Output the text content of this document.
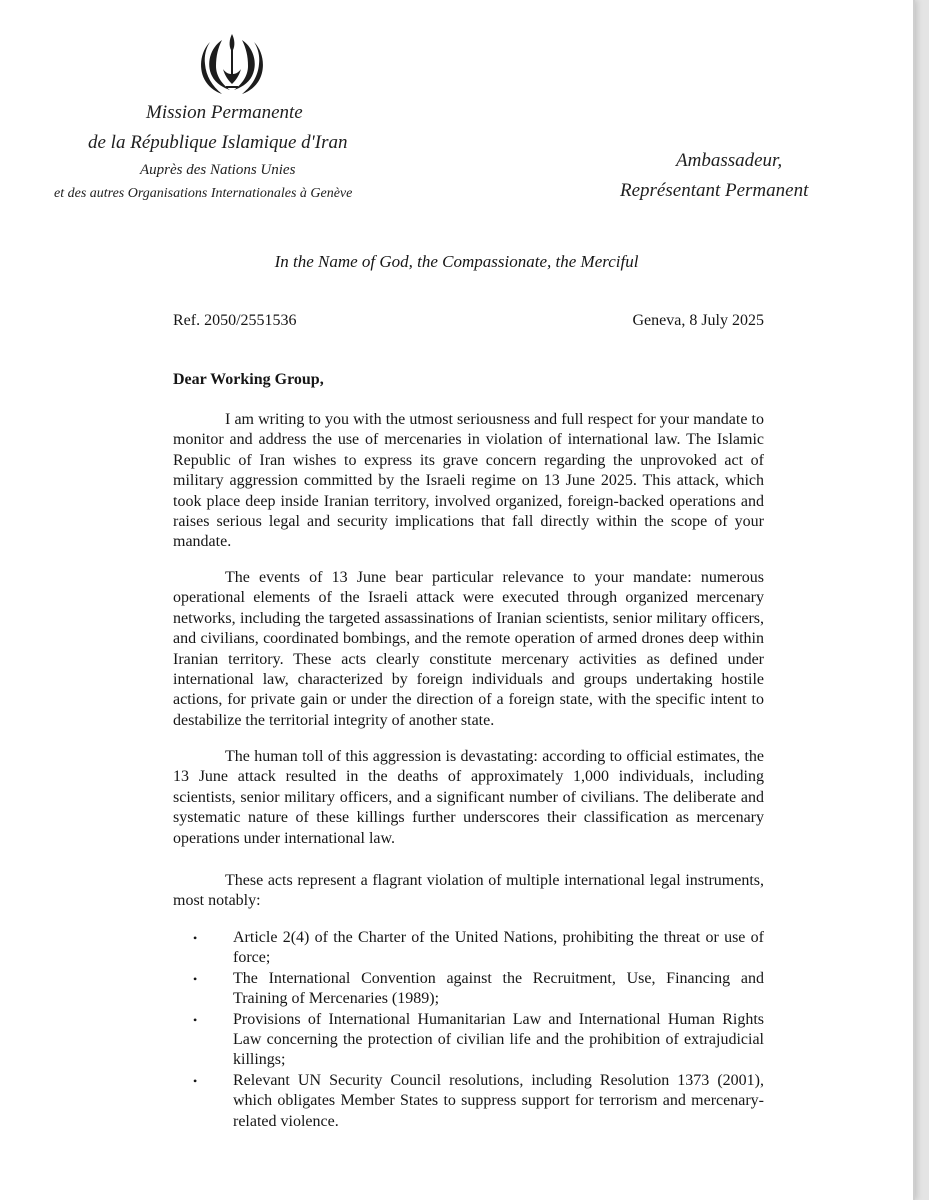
Mission Permanente
de la République Islamique d'Iran
Auprès des Nations Unies
et des autres Organisations Internationales à Genève
Ambassadeur,
Représentant Permanent
In the Name of God, the Compassionate, the Merciful
Ref. 2050/2551536	Geneva, 8 July 2025
Dear Working Group,

I am writing to you with the utmost seriousness and full respect for your mandate to monitor and address the use of mercenaries in violation of international law. The Islamic Republic of Iran wishes to express its grave concern regarding the unprovoked act of military aggression committed by the Israeli regime on 13 June 2025. This attack, which took place deep inside Iranian territory, involved organized, foreign-backed operations and raises serious legal and security implications that fall directly within the scope of your mandate.

The events of 13 June bear particular relevance to your mandate: numerous operational elements of the Israeli attack were executed through organized mercenary networks, including the targeted assassinations of Iranian scientists, senior military officers, and civilians, coordinated bombings, and the remote operation of armed drones deep within Iranian territory. These acts clearly constitute mercenary activities as defined under international law, characterized by foreign individuals and groups undertaking hostile actions, for private gain or under the direction of a foreign state, with the specific intent to destabilize the territorial integrity of another state.

The human toll of this aggression is devastating: according to official estimates, the 13 June attack resulted in the deaths of approximately 1,000 individuals, including scientists, senior military officers, and a significant number of civilians. The deliberate and systematic nature of these killings further underscores their classification as mercenary operations under international law.

These acts represent a flagrant violation of multiple international legal instruments, most notably:

• Article 2(4) of the Charter of the United Nations, prohibiting the threat or use of force;
• The International Convention against the Recruitment, Use, Financing and Training of Mercenaries (1989);
• Provisions of International Humanitarian Law and International Human Rights Law concerning the protection of civilian life and the prohibition of extrajudicial killings;
• Relevant UN Security Council resolutions, including Resolution 1373 (2001), which obligates Member States to suppress support for terrorism and mercenary-related violence.
